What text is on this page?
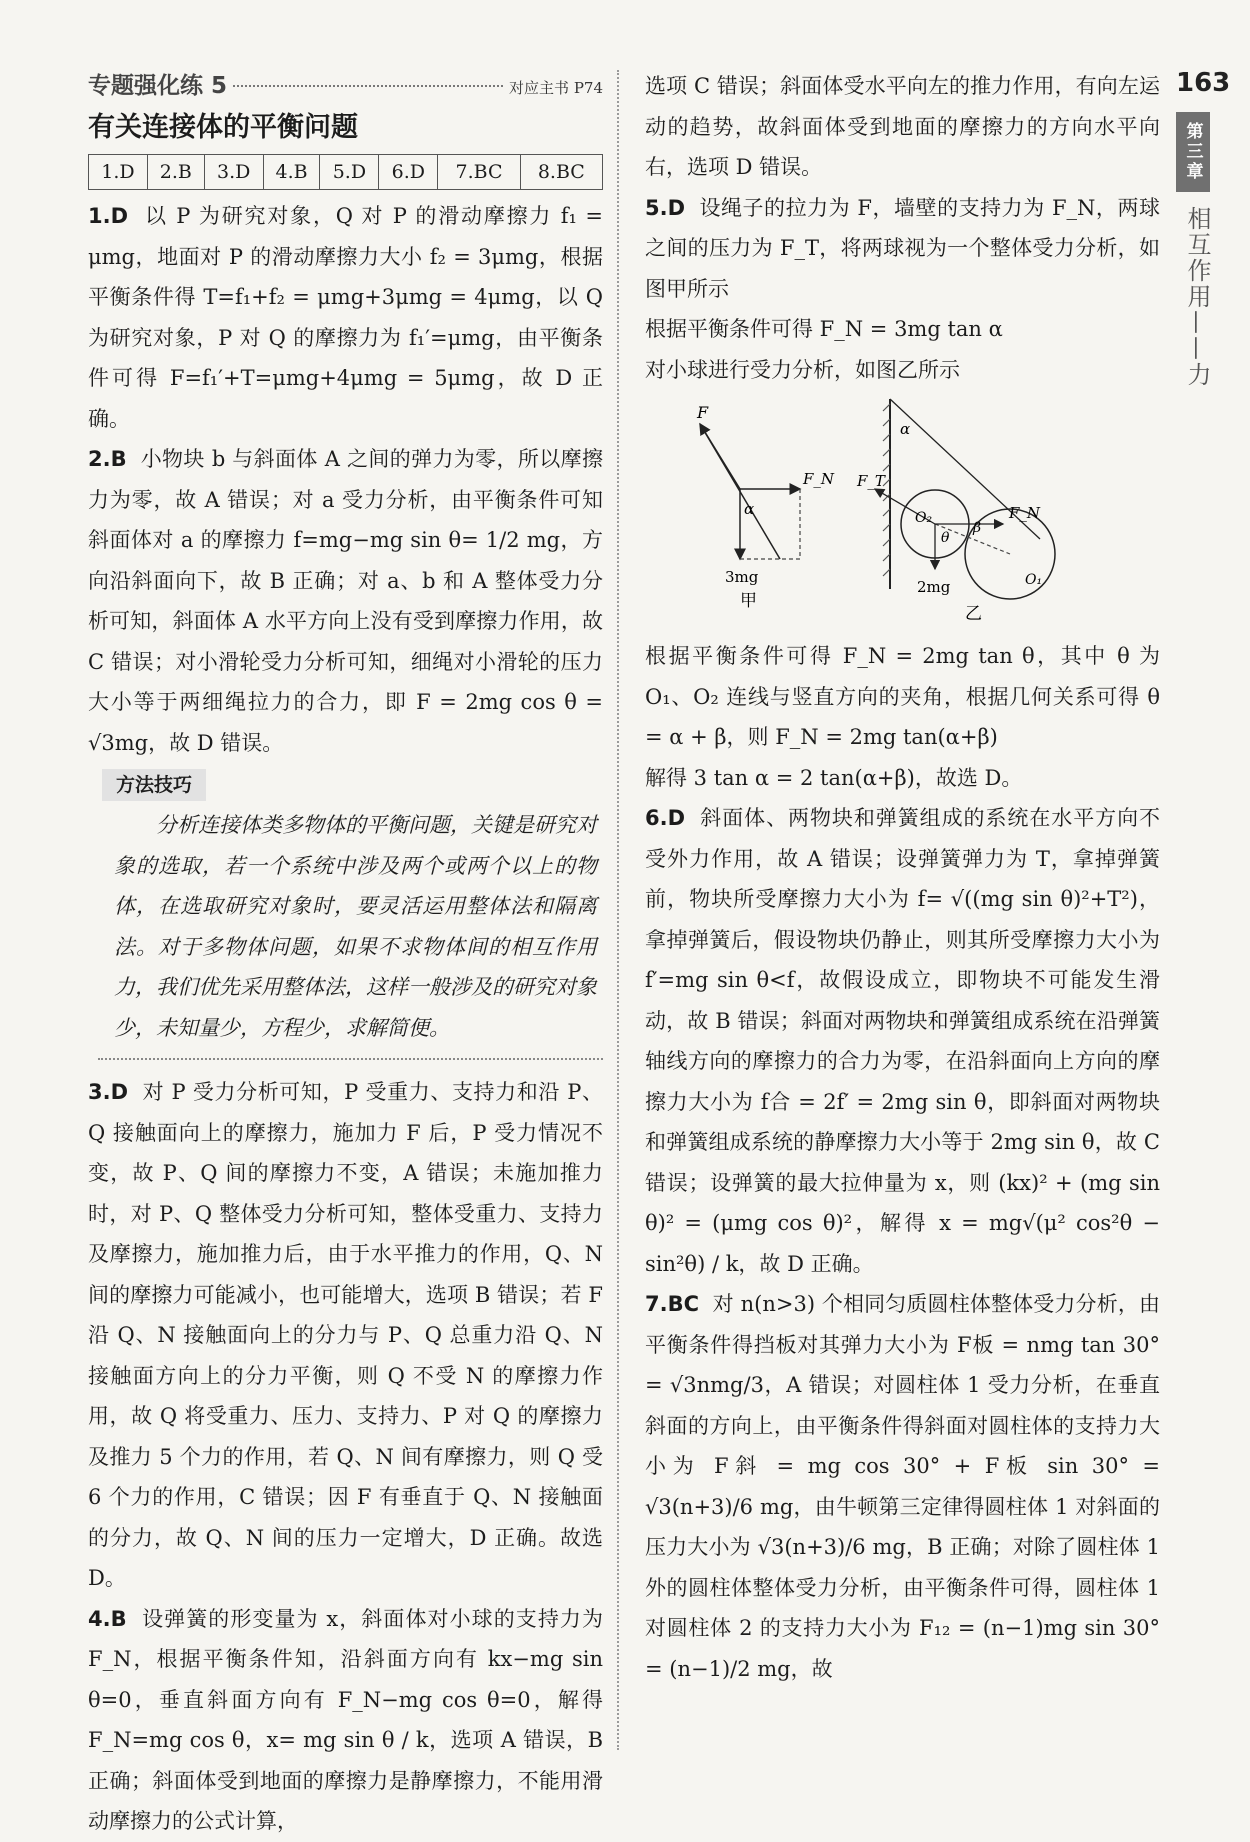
专题强化练 5	对应主书 P74
有关连接体的平衡问题
1.D	2.B	3.D	4.B	5.D	6.D	7.BC	8.BC

1.D 以 P 为研究对象，Q 对 P 的滑动摩擦力 f₁ = μmg，地面对 P 的滑动摩擦力大小 f₂ = 3μmg，根据平衡条件得 T=f₁+f₂ = μmg+3μmg = 4μmg，以 Q 为研究对象，P 对 Q 的摩擦力为 f₁′=μmg，由平衡条件可得 F=f₁′+T=μmg+4μmg = 5μmg，故 D 正确。

2.B 小物块 b 与斜面体 A 之间的弹力为零，所以摩擦力为零，故 A 错误；对 a 受力分析，由平衡条件可知斜面体对 a 的摩擦力 f=mg−mg sin θ= 1/2 mg，方向沿斜面向下，故 B 正确；对 a、b 和 A 整体受力分析可知，斜面体 A 水平方向上没有受到摩擦力作用，故 C 错误；对小滑轮受力分析可知，细绳对小滑轮的压力大小等于两细绳拉力的合力，即 F = 2mg cos θ = √3mg，故 D 错误。

方法技巧

分析连接体类多物体的平衡问题，关键是研究对象的选取，若一个系统中涉及两个或两个以上的物体，在选取研究对象时，要灵活运用整体法和隔离法。对于多物体问题，如果不求物体间的相互作用力，我们优先采用整体法，这样一般涉及的研究对象少，未知量少，方程少，求解简便。

3.D 对 P 受力分析可知，P 受重力、支持力和沿 P、Q 接触面向上的摩擦力，施加力 F 后，P 受力情况不变，故 P、Q 间的摩擦力不变，A 错误；未施加推力时，对 P、Q 整体受力分析可知，整体受重力、支持力及摩擦力，施加推力后，由于水平推力的作用，Q、N 间的摩擦力可能减小，也可能增大，选项 B 错误；若 F 沿 Q、N 接触面向上的分力与 P、Q 总重力沿 Q、N 接触面方向上的分力平衡，则 Q 不受 N 的摩擦力作用，故 Q 将受重力、压力、支持力、P 对 Q 的摩擦力及推力 5 个力的作用，若 Q、N 间有摩擦力，则 Q 受 6 个力的作用，C 错误；因 F 有垂直于 Q、N 接触面的分力，故 Q、N 间的压力一定增大，D 正确。故选 D。

4.B 设弹簧的形变量为 x，斜面体对小球的支持力为 F_N，根据平衡条件知，沿斜面方向有 kx−mg sin θ=0，垂直斜面方向有 F_N−mg cos θ=0，解得 F_N=mg cos θ，x= mg sin θ / k，选项 A 错误，B 正确；斜面体受到地面的摩擦力是静摩擦力，不能用滑动摩擦力的公式计算，

选项 C 错误；斜面体受水平向左的推力作用，有向左运动的趋势，故斜面体受到地面的摩擦力的方向水平向右，选项 D 错误。

5.D 设绳子的拉力为 F，墙壁的支持力为 F_N，两球之间的压力为 F_T，将两球视为一个整体受力分析，如图甲所示

根据平衡条件可得 F_N = 3mg tan α

对小球进行受力分析，如图乙所示

F
F_N
α
3mg
甲
α
F_T
O₂
θ
β
F_N
2mg	O₁
乙

根据平衡条件可得 F_N = 2mg tan θ，其中 θ 为 O₁、O₂ 连线与竖直方向的夹角，根据几何关系可得 θ = α + β，则 F_N = 2mg tan(α+β)

解得 3 tan α = 2 tan(α+β)，故选 D。

6.D 斜面体、两物块和弹簧组成的系统在水平方向不受外力作用，故 A 错误；设弹簧弹力为 T，拿掉弹簧前，物块所受摩擦力大小为 f= √((mg sin θ)²+T²)，拿掉弹簧后，假设物块仍静止，则其所受摩擦力大小为 f′=mg sin θ<f，故假设成立，即物块不可能发生滑动，故 B 错误；斜面对两物块和弹簧组成系统在沿弹簧轴线方向的摩擦力的合力为零，在沿斜面向上方向的摩擦力大小为 f合 = 2f′ = 2mg sin θ，即斜面对两物块和弹簧组成系统的静摩擦力大小等于 2mg sin θ，故 C 错误；设弹簧的最大拉伸量为 x，则 (kx)² + (mg sin θ)² = (μmg cos θ)²，解得 x = mg√(μ² cos²θ − sin²θ) / k，故 D 正确。

7.BC 对 n(n>3) 个相同匀质圆柱体整体受力分析，由平衡条件得挡板对其弹力大小为 F板 = nmg tan 30° = √3nmg/3，A 错误；对圆柱体 1 受力分析，在垂直斜面的方向上，由平衡条件得斜面对圆柱体的支持力大小为 F斜 = mg cos 30° + F板 sin 30° = √3(n+3)/6 mg，由牛顿第三定律得圆柱体 1 对斜面的压力大小为 √3(n+3)/6 mg，B 正确；对除了圆柱体 1 外的圆柱体整体受力分析，由平衡条件可得，圆柱体 1 对圆柱体 2 的支持力大小为 F₁₂ = (n−1)mg sin 30° = (n−1)/2 mg，故

163
第三章
相互作用——力
